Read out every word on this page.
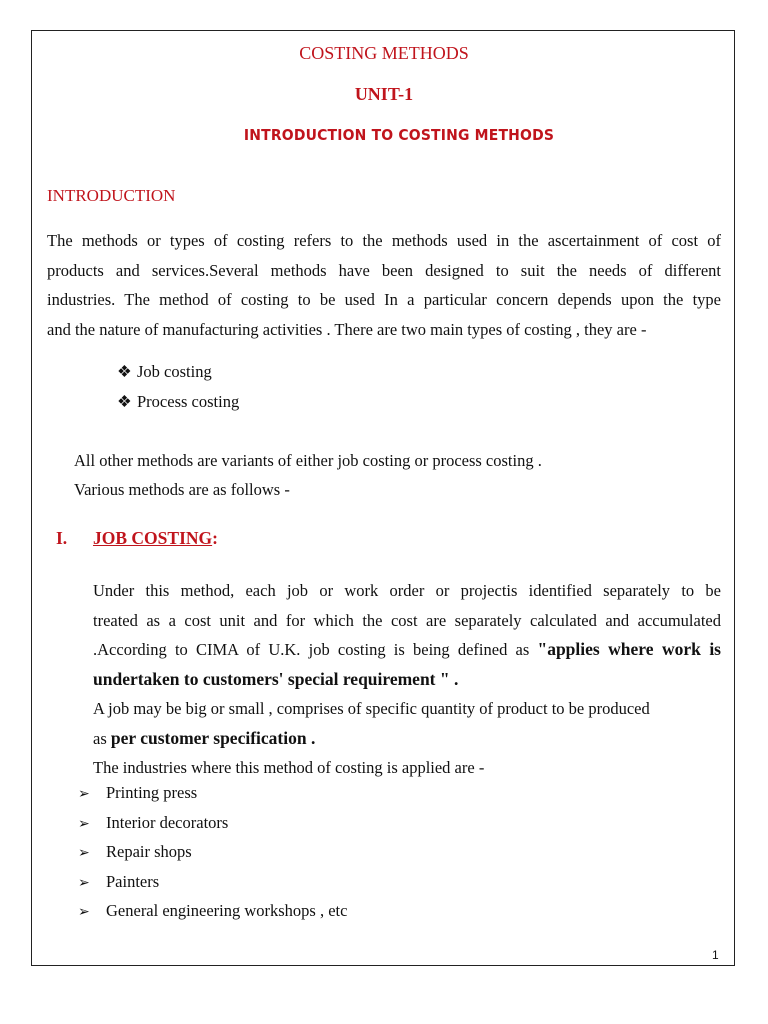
COSTING METHODS
UNIT-1
INTRODUCTION TO COSTING METHODS
INTRODUCTION
The methods or types of costing refers to the methods used in the ascertainment of cost of
products and services.Several methods have been designed to suit the needs of different
industries. The method of costing to be used In a particular concern depends upon the type
and the nature of manufacturing activities . There are two main types of costing , they are -
❖ Job costing
❖ Process costing
All other methods are variants of either job costing or process costing .
Various methods are as follows -
I. JOB COSTING:
Under this method, each job or work order or projectis identified separately to be
treated as a cost unit and for which the cost are separately calculated and accumulated
.According to CIMA of U.K. job costing is being defined as "applies where work is
undertaken to customers' special requirement " .
A job may be big or small , comprises of specific quantity of product to be produced
as per customer specification .
The industries where this method of costing is applied are -
➢ Printing press
➢ Interior decorators
➢ Repair shops
➢ Painters
➢ General engineering workshops , etc
1
